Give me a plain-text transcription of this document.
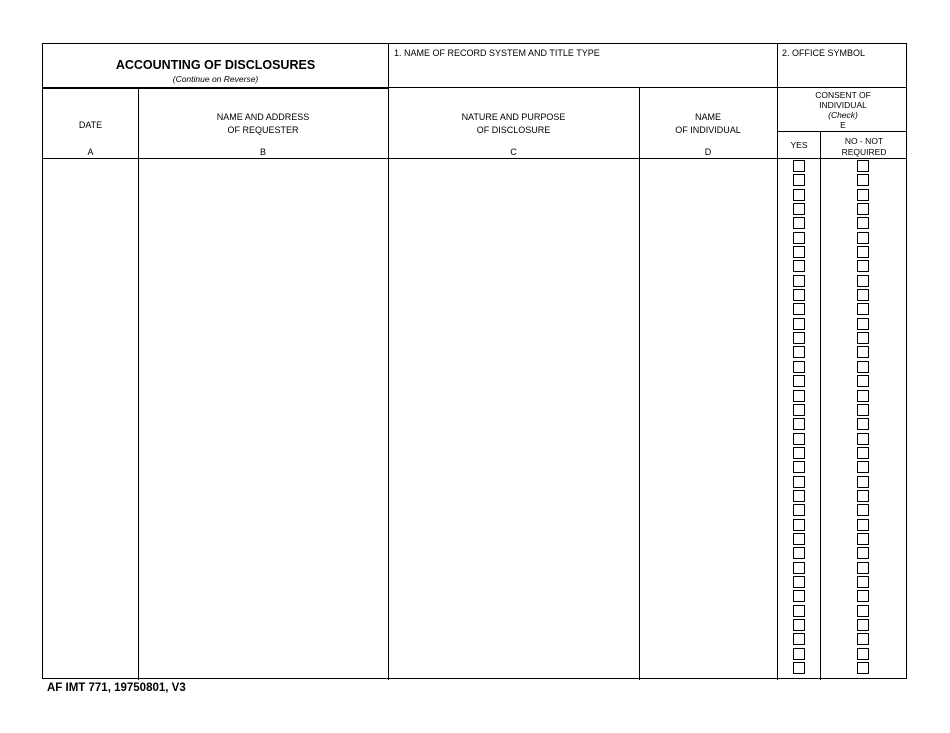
ACCOUNTING OF DISCLOSURES
(Continue on Reverse)
1. NAME OF RECORD SYSTEM AND TITLE TYPE	2. OFFICE SYMBOL
DATE
A
NAME AND ADDRESS
OF REQUESTER
B
NATURE AND PURPOSE
OF DISCLOSURE
C
NAME
OF INDIVIDUAL
D
CONSENT OF
INDIVIDUAL
(Check)
E
YES	NO - NOT
REQUIRED
AF IMT 771, 19750801, V3
